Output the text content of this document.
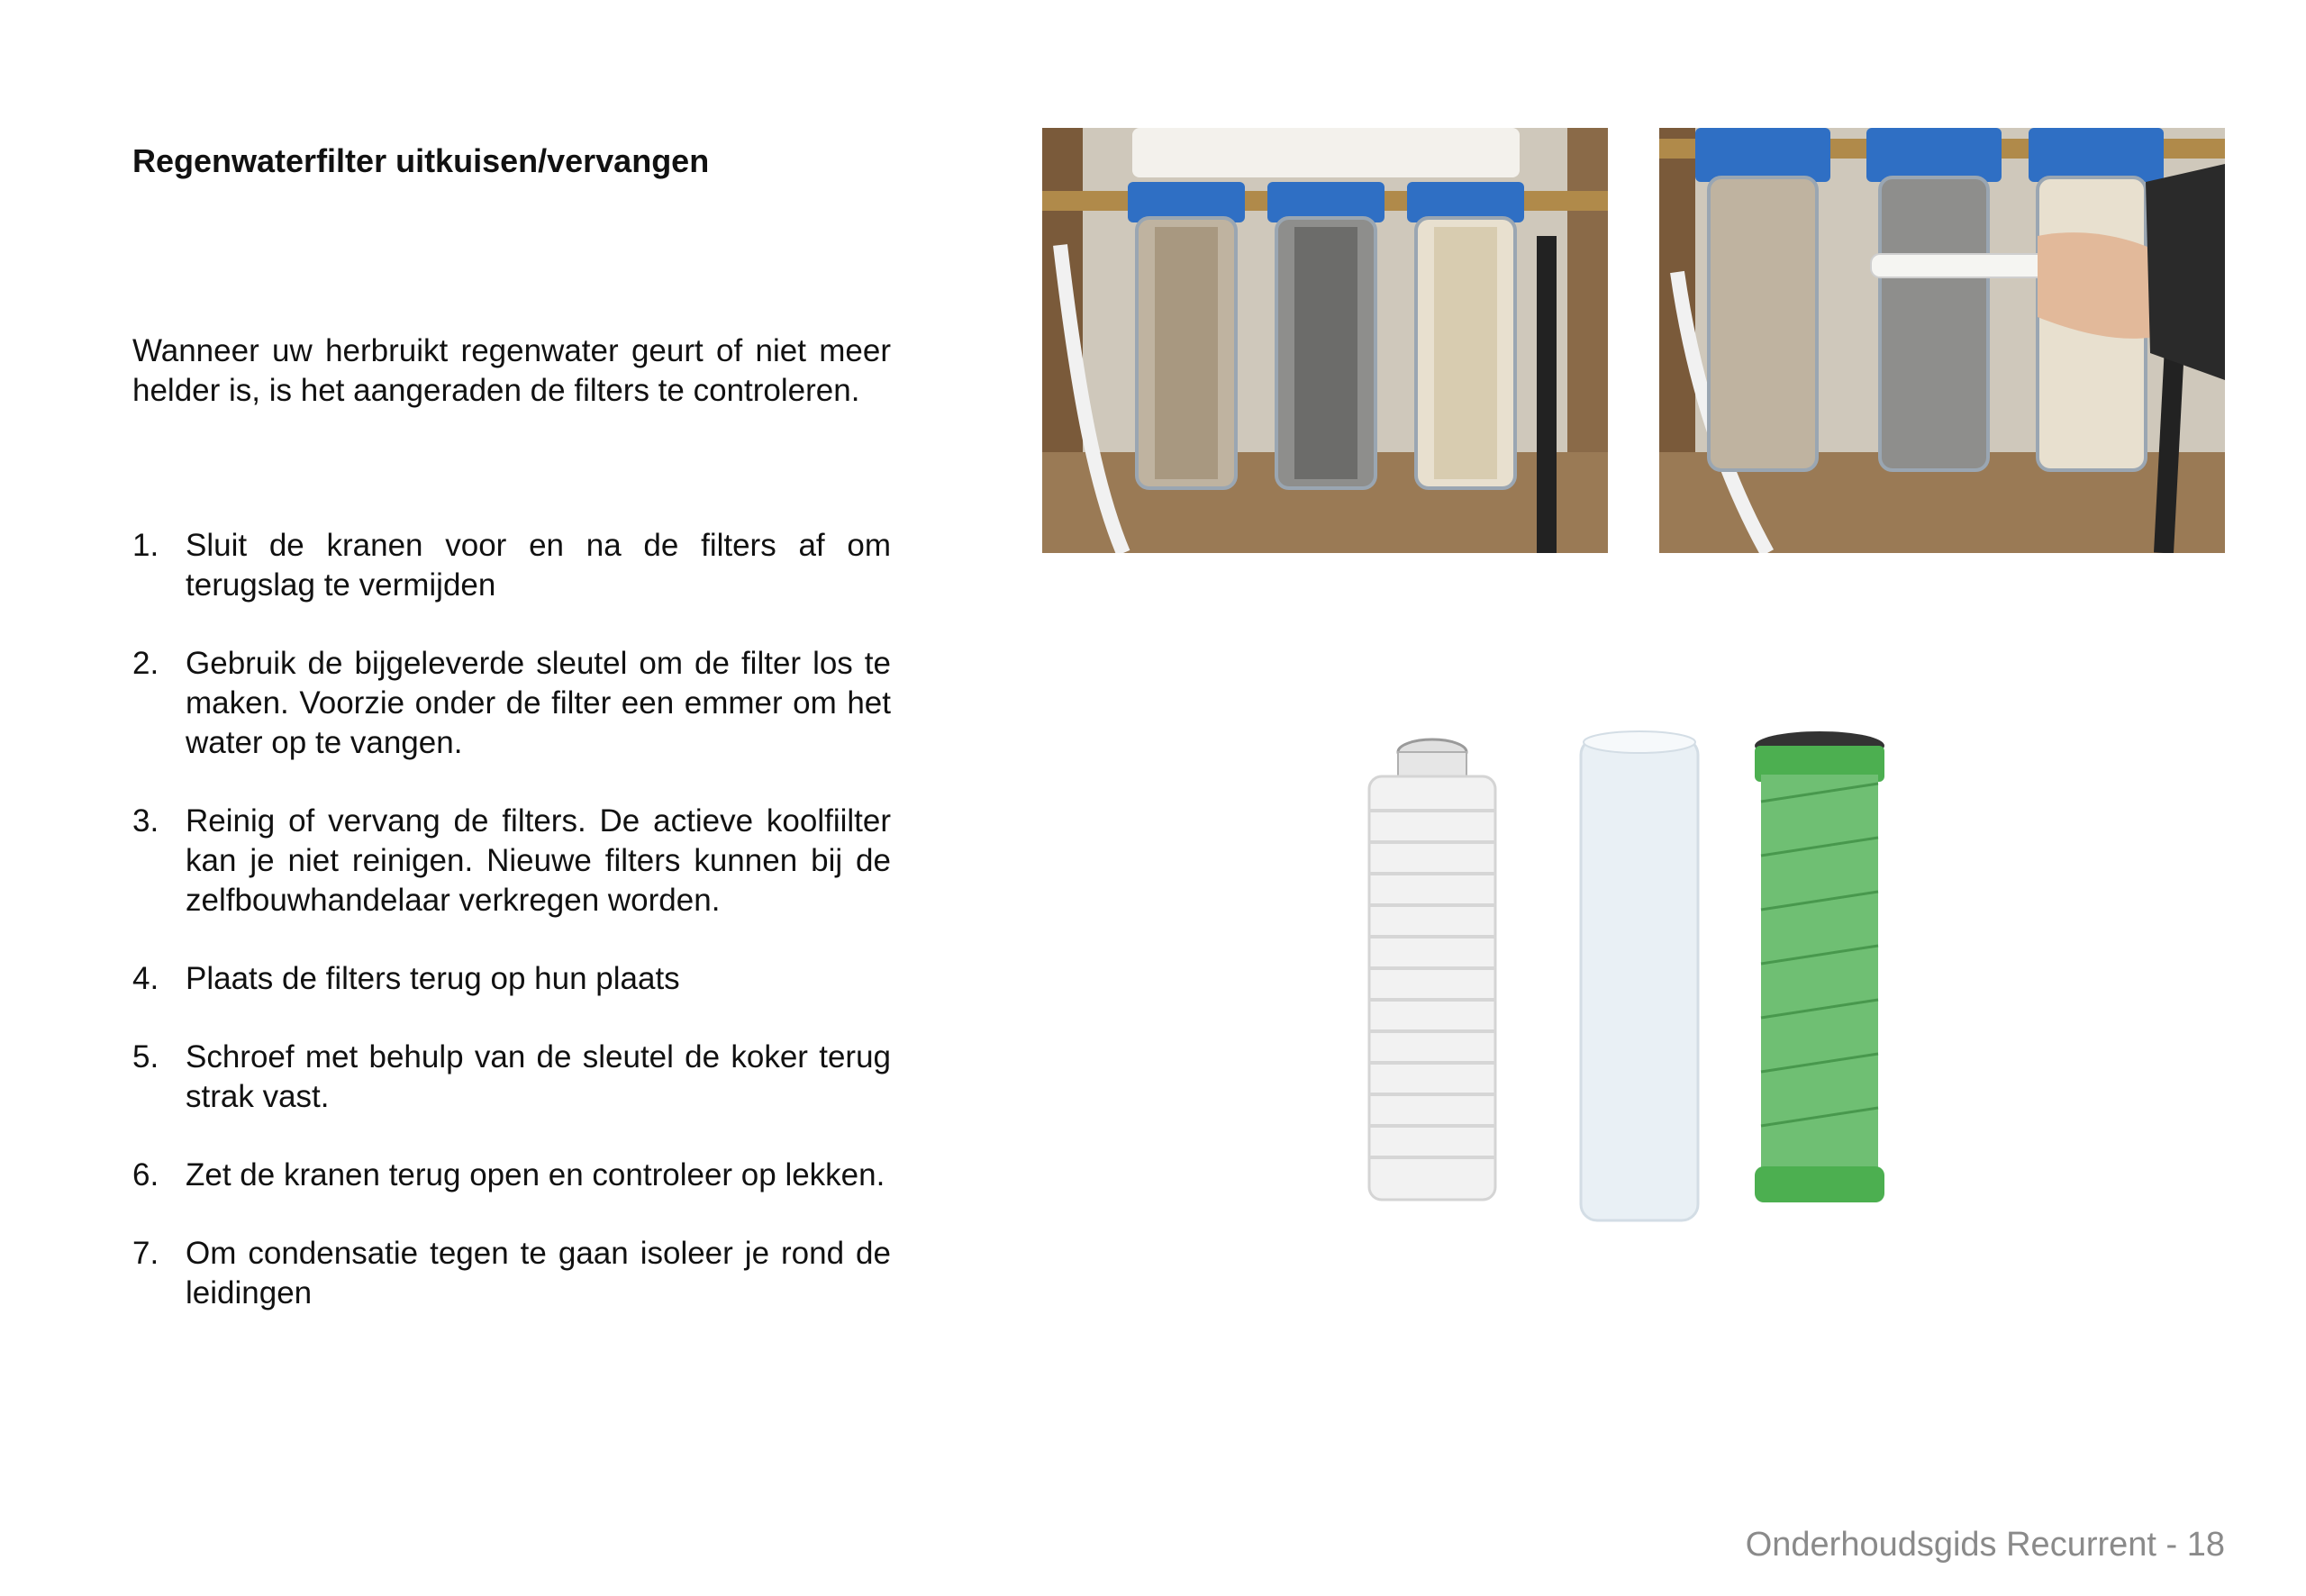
Regenwaterfilter uitkuisen/vervangen

Wanneer uw herbruikt regenwater geurt of niet meer helder is, is het aangeraden de filters te controleren.

1. Sluit de kranen voor en na de filters af om terugslag te vermijden
2. Gebruik de bijgeleverde sleutel om de filter los te maken. Voorzie onder de filter een emmer om het water op te vangen.
3. Reinig of vervang de filters. De actieve koolfiilter kan je niet reinigen. Nieuwe filters kunnen bij de zelfbouwhandelaar verkregen worden.
4. Plaats de filters terug op hun plaats
5. Schroef met behulp van de sleutel de koker terug strak vast.
6. Zet de kranen terug open en controleer op lekken.
7. Om condensatie tegen te gaan isoleer je rond de leidingen
Onderhoudsgids Recurrent - 18
